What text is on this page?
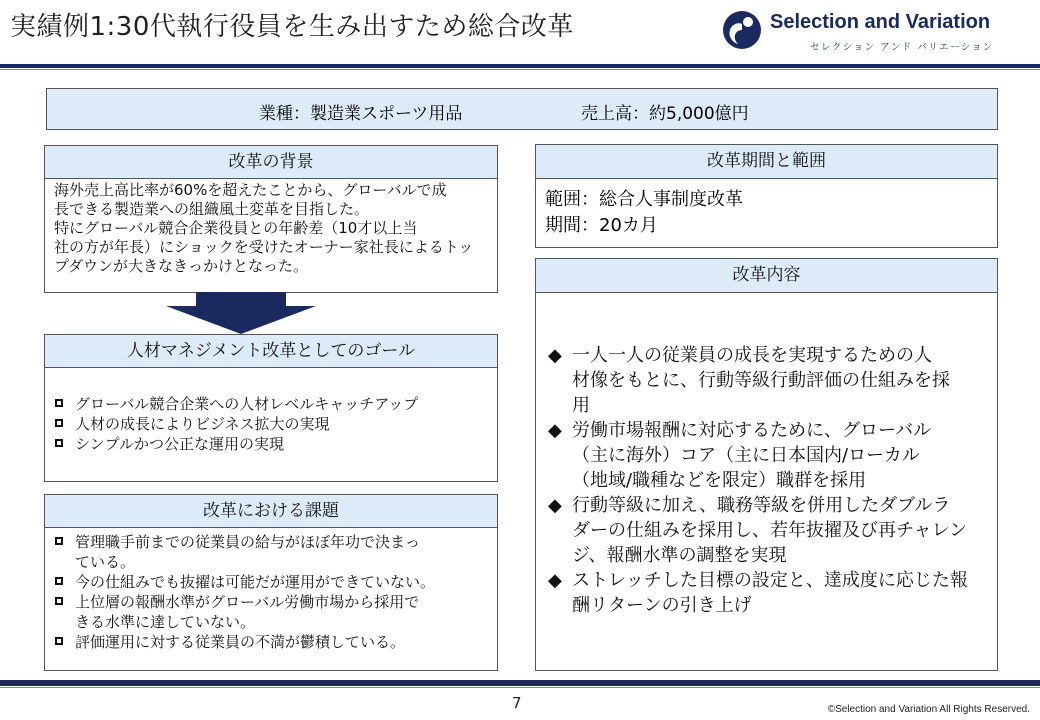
実績例1:30代執行役員を生み出すため総合改革	Selection and Variation
セレクション アンド バリエーション
業種：製造業スポーツ用品	売上高：約5,000億円
改革の背景
海外売上高比率が60%を超えたことから、グローバルで成
長できる製造業への組織風土変革を目指した。
特にグローバル競合企業役員との年齢差（10才以上当
社の方が年長）にショックを受けたオーナー家社長によるトッ
プダウンが大きなきっかけとなった。
人材マネジメント改革としてのゴール
グローバル競合企業への人材レベルキャッチアップ
人材の成長によりビジネス拡大の実現
シンプルかつ公正な運用の実現
改革における課題
管理職手前までの従業員の給与がほぼ年功で決まっ
ている。
今の仕組みでも抜擢は可能だが運用ができていない。
上位層の報酬水準がグローバル労働市場から採用で
きる水準に達していない。
評価運用に対する従業員の不満が鬱積している。
改革期間と範囲
範囲：総合人事制度改革
期間：20カ月
改革内容
◆ 一人一人の従業員の成長を実現するための人
材像をもとに、行動等級行動評価の仕組みを採
用
◆ 労働市場報酬に対応するために、グローバル
（主に海外）コア（主に日本国内/ローカル
（地域/職種などを限定）職群を採用
◆ 行動等級に加え、職務等級を併用したダブルラ
ダーの仕組みを採用し、若年抜擢及び再チャレン
ジ、報酬水準の調整を実現
◆ ストレッチした目標の設定と、達成度に応じた報
酬リターンの引き上げ
7	©Selection and Variation All Rights Reserved.
